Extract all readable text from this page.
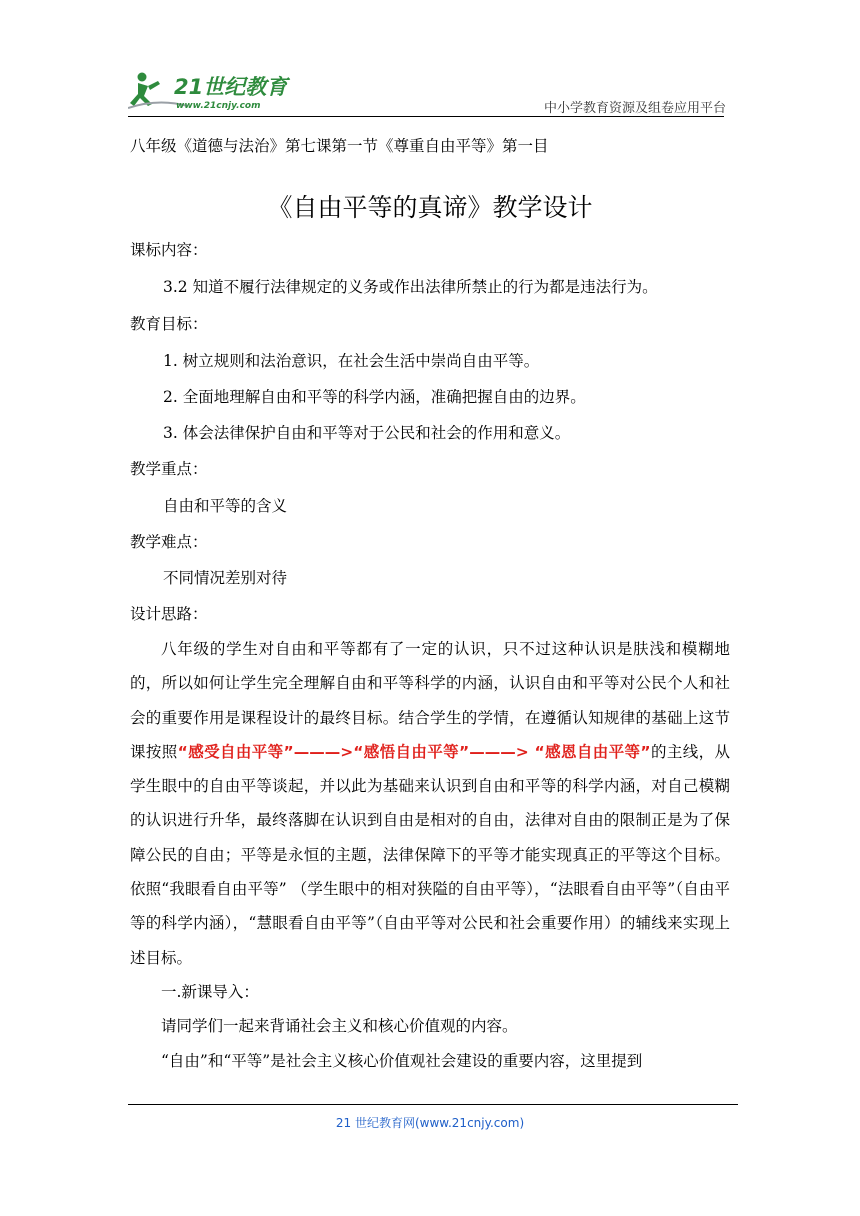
21世纪教育
www.21cnjy.com	中小学教育资源及组卷应用平台
八年级《道德与法治》第七课第一节《尊重自由平等》第一目
《自由平等的真谛》教学设计
课标内容：
3.2 知道不履行法律规定的义务或作出法律所禁止的行为都是违法行为。
教育目标：
1. 树立规则和法治意识，在社会生活中崇尚自由平等。
2. 全面地理解自由和平等的科学内涵，准确把握自由的边界。
3. 体会法律保护自由和平等对于公民和社会的作用和意义。
教学重点：
自由和平等的含义
教学难点：
不同情况差别对待
设计思路：

八年级的学生对自由和平等都有了一定的认识，只不过这种认识是肤浅和模糊地的，所以如何让学生完全理解自由和平等科学的内涵，认识自由和平等对公民个人和社会的重要作用是课程设计的最终目标。结合学生的学情，在遵循认知规律的基础上这节课按照“感受自由平等”———>“感悟自由平等”———> “感恩自由平等”的主线，从学生眼中的自由平等谈起，并以此为基础来认识到自由和平等的科学内涵，对自己模糊的认识进行升华，最终落脚在认识到自由是相对的自由，法律对自由的限制正是为了保障公民的自由；平等是永恒的主题，法律保障下的平等才能实现真正的平等这个目标。依照“我眼看自由平等” （学生眼中的相对狭隘的自由平等），“法眼看自由平等”（自由平等的科学内涵），“慧眼看自由平等”（自由平等对公民和社会重要作用）的辅线来实现上述目标。

一.新课导入：

请同学们一起来背诵社会主义和核心价值观的内容。

“自由”和“平等”是社会主义核心价值观社会建设的重要内容，这里提到

21 世纪教育网(www.21cnjy.com)
